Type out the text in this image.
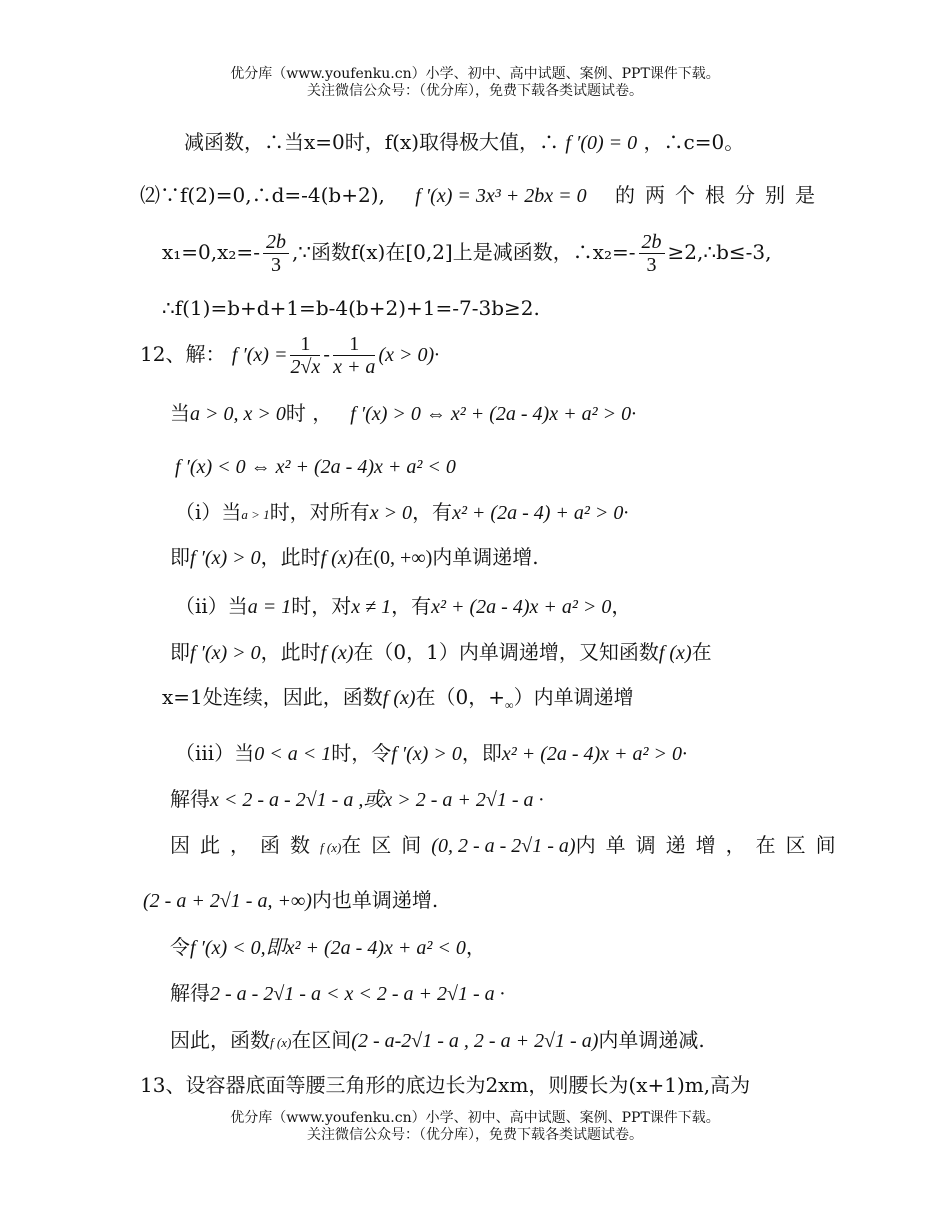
优分库（www.youfenku.cn）小学、初中、高中试题、案例、PPT课件下载。
关注微信公众号：（优分库），免费下载各类试题试卷。
减函数，∴当x=0时，f(x)取得极大值，∴ f ′(0) = 0 ，∴c=0。
⑵∵f(2)=0,∴d=-4(b+2), f ′(x) = 3x³ + 2bx = 0 的两个根分别是
$x_1=0,x_2=- \frac{2b}{3}$ ,∵函数f(x)在[0,2]上是减函数，∴x₂=- $\frac{2b}{3}$ ≥2,∴b≤-3,
∴f(1)=b+d+1=b-4(b+2)+1=-7-3b≥2.
12、解： f $'(x) = \frac{1}{2√x} - \frac{1}{x + a} (x > 0)\cdot$
当a > 0, x > 0时 ， f ′(x) > 0 ⇔ x² + (2a - 4)x + a² > 0·
f ′(x) < 0 ⇔ x² + (2a - 4)x + a² < 0
（i）当a > 1时，对所有x > 0，有x² + (2a - 4) + a² > 0·
即f ′(x) > 0，此时f (x)在(0, +∞)内单调递增.
（ii）当a = 1时，对x ≠ 1，有x² + (2a - 4)x + a² > 0，
即f ′(x) > 0，此时f (x)在（0，1）内单调递增，又知函数f (x)在
x=1处连续，因此，函数f (x)在（0，$+_\infty$）内单调递增
（iii）当0 < a < 1时，令f ′(x) > 0，即x² + (2a - 4)x + a² > 0·
解得x < 2 - a - 2√1 - a ,或x > 2 - a + 2√1 - a ·
因此，函数f (x)在区间(0, 2 - a - 2√1 - a)内单调递增，在区间
(2 - a + 2√1 - a, +∞)内也单调递增.
令f ′(x) < 0,即x² + (2a - 4)x + a² < 0，
解得2 - a - 2√1 - a < x < 2 - a + 2√1 - a ·
因此，函数f (x)在区间(2 - a-2√1 - a , 2 - a + 2√1 - a)内单调递减.
13、设容器底面等腰三角形的底边长为2xm，则腰长为(x+1)m,高为
优分库（www.youfenku.cn）小学、初中、高中试题、案例、PPT课件下载。
关注微信公众号：（优分库），免费下载各类试题试卷。
